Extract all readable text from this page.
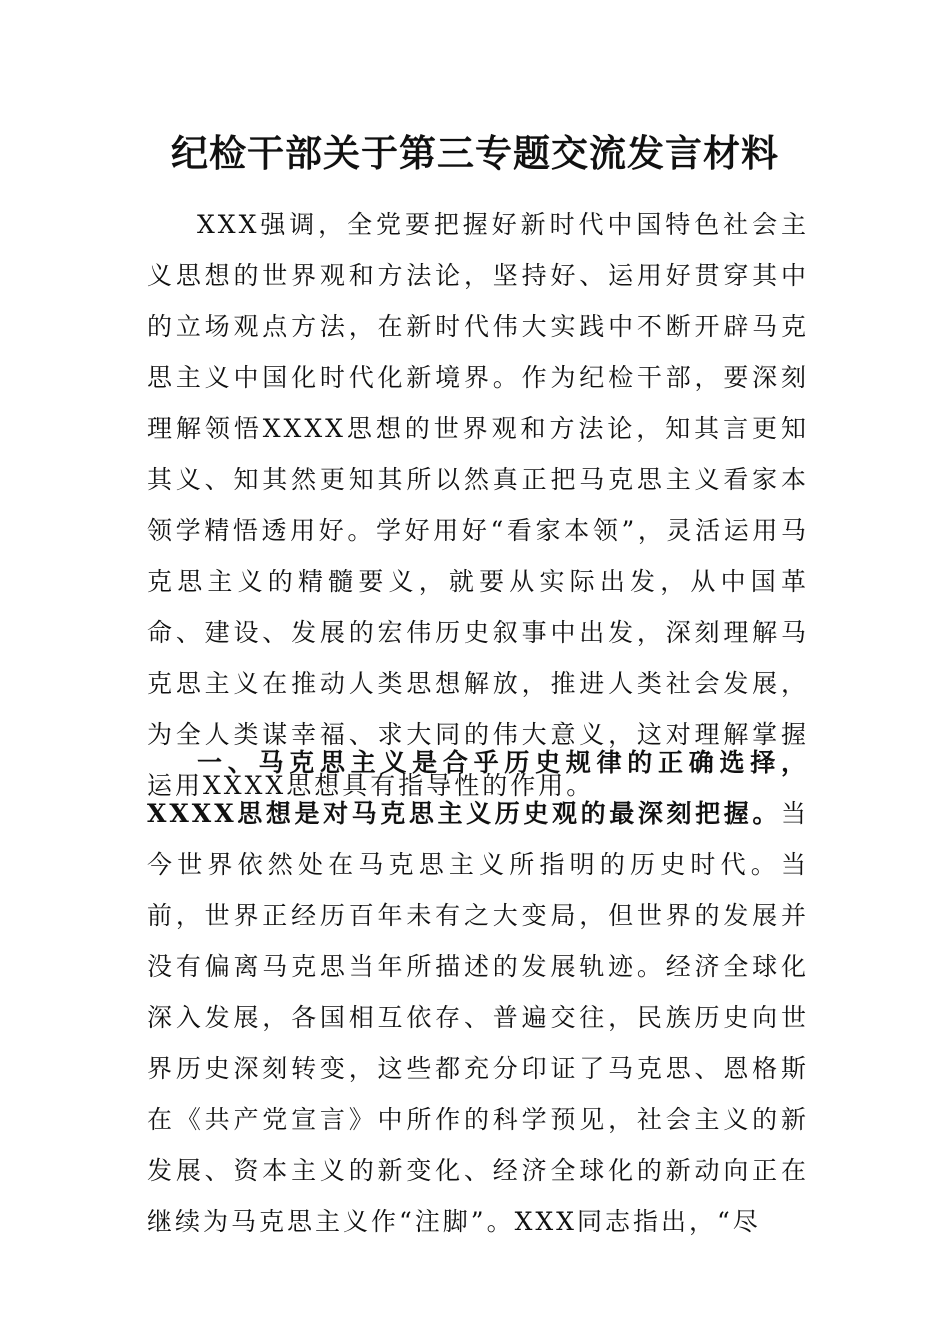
纪检干部关于第三专题交流发言材料

XXX强调，全党要把握好新时代中国特色社会主义思想的世界观和方法论，坚持好、运用好贯穿其中的立场观点方法，在新时代伟大实践中不断开辟马克思主义中国化时代化新境界。作为纪检干部，要深刻理解领悟XXXX思想的世界观和方法论，知其言更知其义、知其然更知其所以然真正把马克思主义看家本领学精悟透用好。学好用好“看家本领”，灵活运用马克思主义的精髓要义，就要从实际出发，从中国革命、建设、发展的宏伟历史叙事中出发，深刻理解马克思主义在推动人类思想解放，推进人类社会发展，为全人类谋幸福、求大同的伟大意义，这对理解掌握运用XXXX思想具有指导性的作用。

一、马克思主义是合乎历史规律的正确选择，XXXX思想是对马克思主义历史观的最深刻把握。当今世界依然处在马克思主义所指明的历史时代。当前，世界正经历百年未有之大变局，但世界的发展并没有偏离马克思当年所描述的发展轨迹。经济全球化深入发展，各国相互依存、普遍交往，民族历史向世界历史深刻转变，这些都充分印证了马克思、恩格斯在《共产党宣言》中所作的科学预见，社会主义的新发展、资本主义的新变化、经济全球化的新动向正在继续为马克思主义作“注脚”。XXX同志指出，“尽
